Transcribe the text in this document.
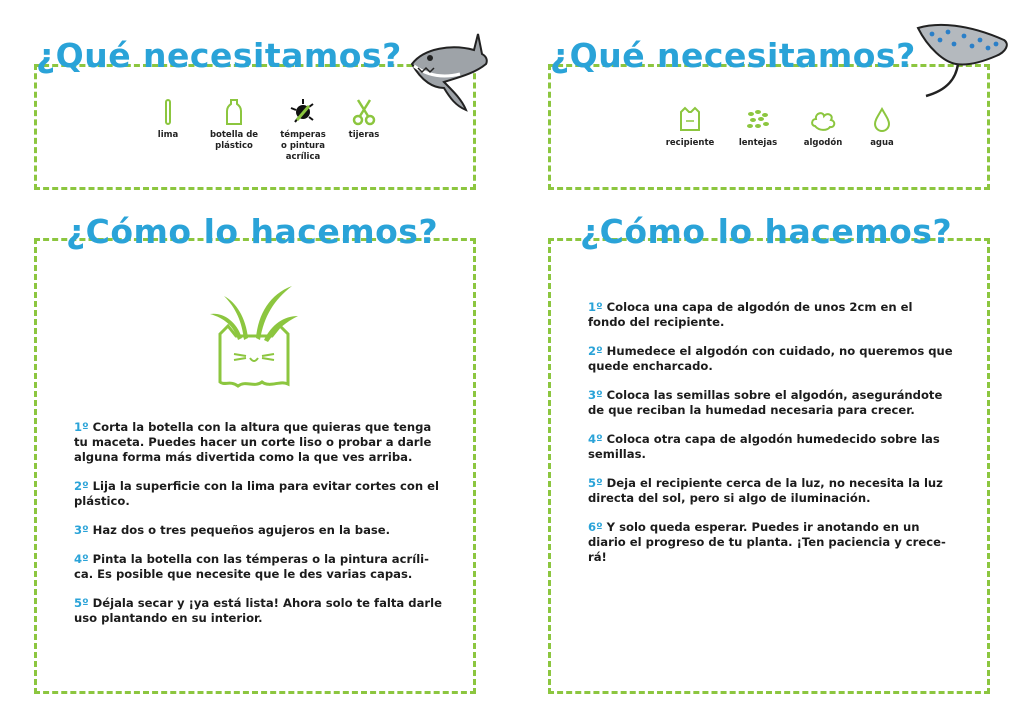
¿Qué necesitamos?
lima	botella de plástico
témperas o pintura acrílica
tijeras
¿Qué necesitamos?
recipiente	lentejas	algodón	agua
¿Cómo lo hacemos?
1º Corta la botella con la altura que quieras que tenga tu maceta. Puedes hacer un corte liso o probar a darle alguna forma más divertida como la que ves arriba.
2º Lija la superficie con la lima para evitar cortes con el plástico.
3º Haz dos o tres pequeños agujeros en la base.
4º Pinta la botella con las témperas o la pintura acríli-ca. Es posible que necesite que le des varias capas.
5º Déjala secar y ¡ya está lista! Ahora solo te falta darle uso plantando en su interior.
¿Cómo lo hacemos?
1º Coloca una capa de algodón de unos 2cm en el fondo del recipiente.
2º Humedece el algodón con cuidado, no queremos que quede encharcado.
3º Coloca las semillas sobre el algodón, asegurándote de que reciban la humedad necesaria para crecer.
4º Coloca otra capa de algodón humedecido sobre las semillas.
5º Deja el recipiente cerca de la luz, no necesita la luz directa del sol, pero si algo de iluminación.
6º Y solo queda esperar. Puedes ir anotando en un diario el progreso de tu planta. ¡Ten paciencia y crece-rá!
